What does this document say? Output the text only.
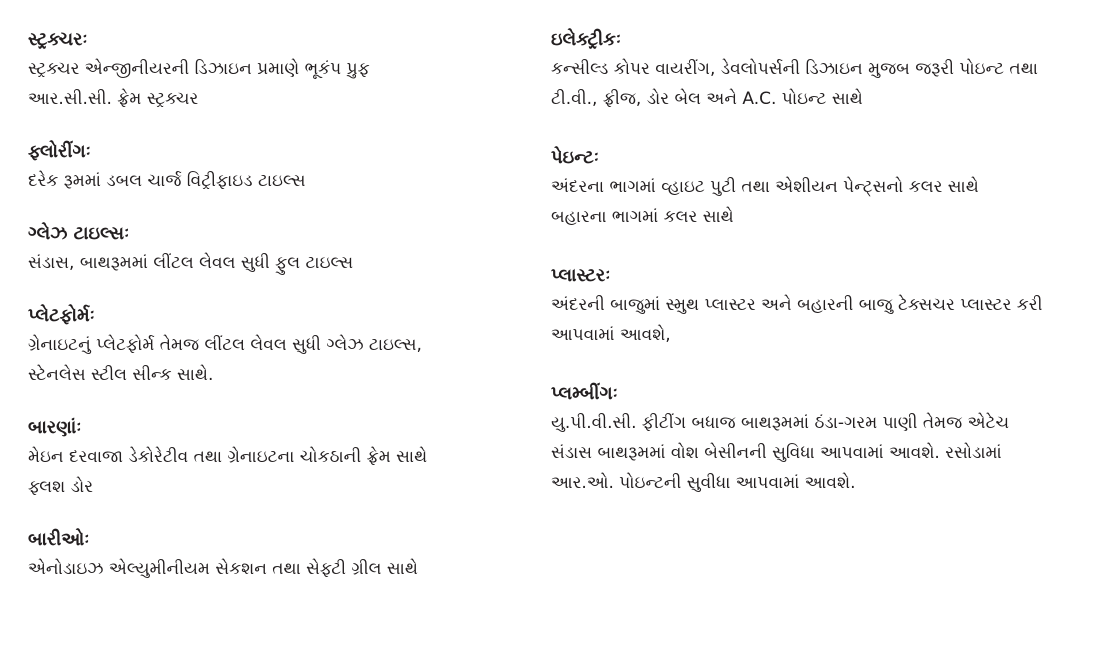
સ્ટ્રક્ચરઃ

સ્ટ્રક્ચર એન્જીનીયરની ડિઝાઇન પ્રમાણે ભૂકંપ પ્રુફ

આર.સી.સી. ફ્રેમ સ્ટ્રક્ચર

ફ્લોરીંગઃ

દરેક રૂમમાં ડબલ ચાર્જ વિટ્રીફાઇડ ટાઇલ્સ

ગ્લેઝ ટાઇલ્સઃ

સંડાસ, બાથરૂમમાં લીંટલ લેવલ સુધી ફુલ ટાઇલ્સ

પ્લેટફોર્મઃ

ગ્રેનાઇટનું પ્લેટફોર્મ તેમજ લીંટલ લેવલ સુધી ગ્લેઝ ટાઇલ્સ,

સ્ટેનલેસ સ્ટીલ સીન્ક સાથે.

બારણાંઃ

મેઇન દરવાજા ડેકોરેટીવ તથા ગ્રેનાઇટના ચોકઠાની ફ્રેમ સાથે

ફ્લશ ડોર

બારીઓઃ

એનોડાઇઝ એલ્યુમીનીયમ સેકશન તથા સેફ્ટી ગ્રીલ સાથે

ઇલેક્ટ્રીકઃ

કન્સીલ્ડ કોપર વાયરીંગ, ડેવલોપર્સની ડિઝાઇન મુજબ જરૂરી પોઇન્ટ તથા

ટી.વી., ફ્રીજ, ડોર બેલ અને A.C. પોઇન્ટ સાથે

પેઇન્ટઃ

અંદરના ભાગમાં વ્હાઇટ પુટી તથા એશીયન પેન્ટ્સનો કલર સાથે

બહારના ભાગમાં કલર સાથે

પ્લાસ્ટરઃ

અંદરની બાજુમાં સ્મુથ પ્લાસ્ટર અને બહારની બાજુ ટેક્સચર પ્લાસ્ટર કરી

આપવામાં આવશે,

પ્લમ્બીંગઃ

યુ.પી.વી.સી. ફીટીંગ બધાજ બાથરૂમમાં ઠંડા-ગરમ પાણી તેમજ એટેચ

સંડાસ બાથરૂમમાં વોશ બેસીનની સુવિધા આપવામાં આવશે. રસોડામાં

આર.ઓ. પોઇન્ટની સુવીધા આપવામાં આવશે.
